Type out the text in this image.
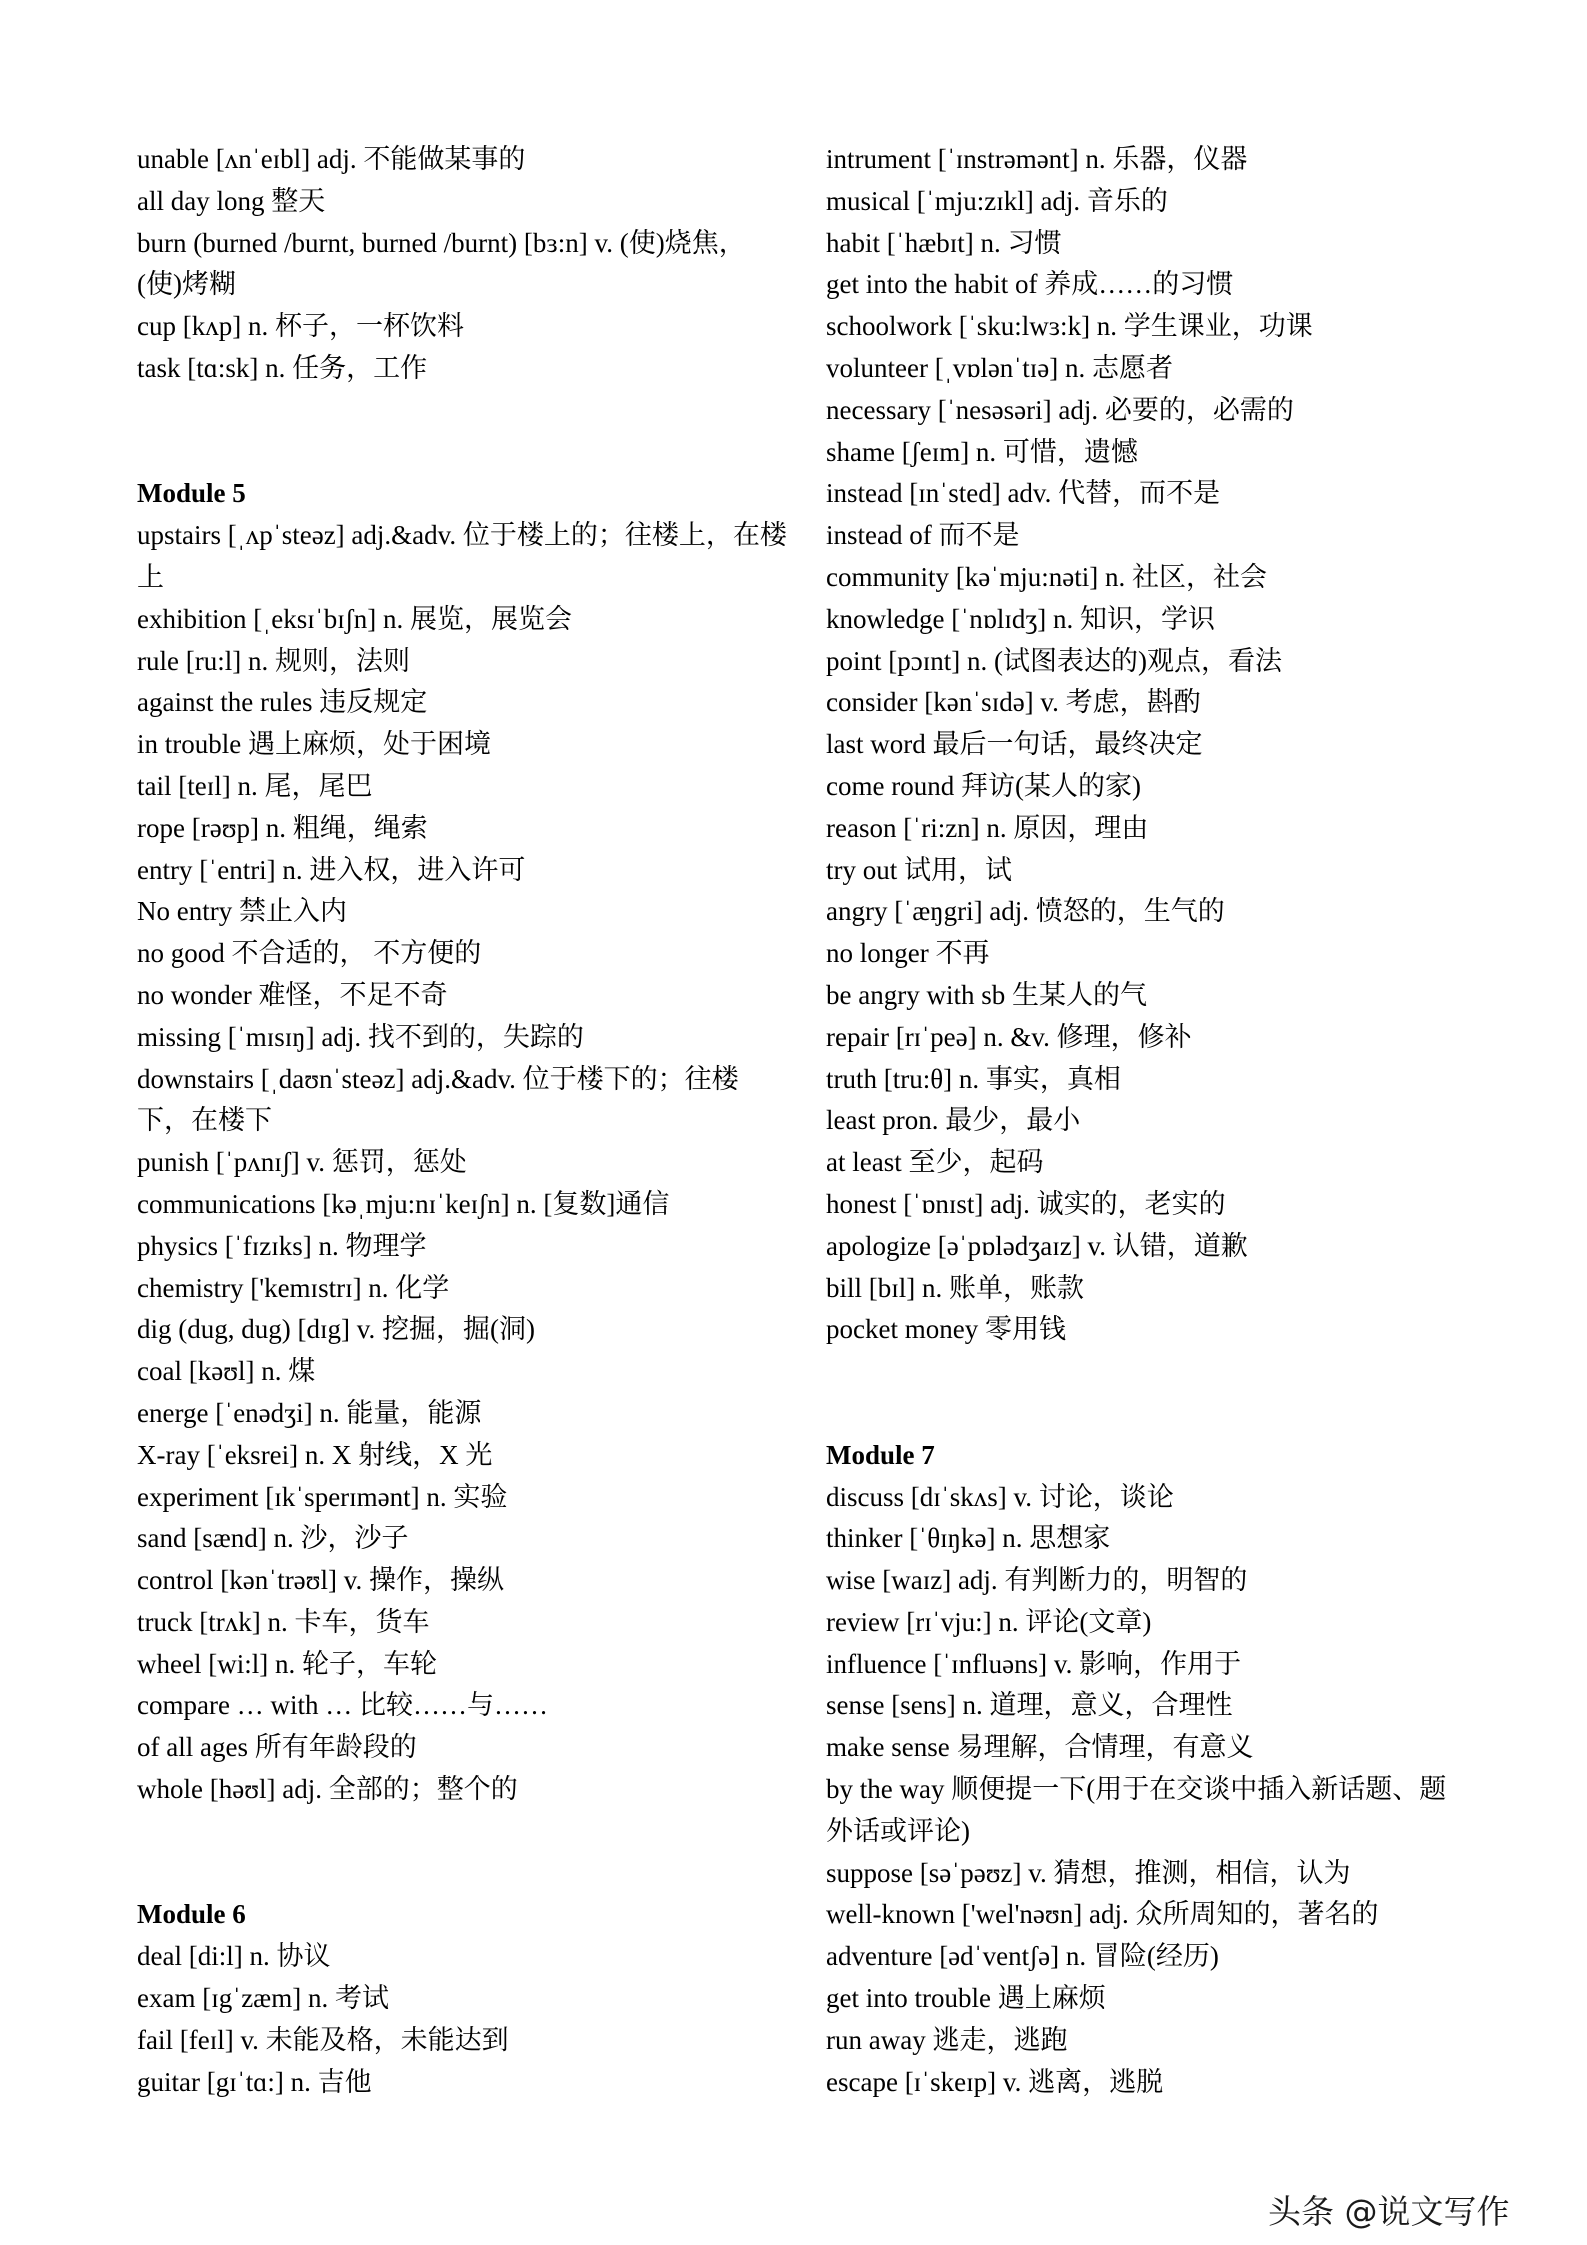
unable [ʌnˈeɪbl] adj. 不能做某事的
all day long 整天
burn (burned /burnt, burned /burnt) [bɜ:n] v. (使)烧焦，(使)烤糊
cup [kʌp] n. 杯子，一杯饮料
task [tɑ:sk] n. 任务，工作
Module 5
upstairs [ˌʌpˈsteəz] adj.&adv. 位于楼上的；往楼上，在楼上
exhibition [ˌeksɪˈbɪʃn] n. 展览，展览会
rule [ru:l] n. 规则，法则
against the rules 违反规定
in trouble 遇上麻烦，处于困境
tail [teɪl] n. 尾，尾巴
rope [rəʊp] n. 粗绳，绳索
entry [ˈentri] n. 进入权，进入许可
No entry 禁止入内
no good 不合适的， 不方便的
no wonder 难怪，不足不奇
missing [ˈmɪsɪŋ] adj. 找不到的，失踪的
downstairs [ˌdaʊnˈsteəz] adj.&adv. 位于楼下的；往楼下，在楼下
punish [ˈpʌnɪʃ] v. 惩罚，惩处
communications [kəˌmju:nɪˈkeɪʃn] n. [复数]通信
physics [ˈfɪzɪks] n. 物理学
chemistry ['kemɪstrɪ] n. 化学
dig (dug, dug) [dɪg] v. 挖掘，掘(洞)
coal [kəʊl] n. 煤
energe [ˈenədʒi] n. 能量，能源
X-ray [ˈeksrei] n. X 射线，X 光
experiment [ɪkˈsperɪmənt] n. 实验
sand [sænd] n. 沙，沙子
control [kənˈtrəʊl] v. 操作，操纵
truck [trʌk] n. 卡车，货车
wheel [wi:l] n. 轮子，车轮
compare … with … 比较……与……
of all ages 所有年龄段的
whole [həʊl] adj. 全部的；整个的
Module 6
deal [di:l] n. 协议
exam [ɪgˈzæm] n. 考试
fail [feɪl] v. 未能及格，未能达到
guitar [gɪˈtɑ:] n. 吉他
intrument [ˈɪnstrəmənt] n. 乐器，仪器
musical [ˈmju:zɪkl] adj. 音乐的
habit [ˈhæbɪt] n. 习惯
get into the habit of 养成……的习惯
schoolwork [ˈsku:lwɜ:k] n. 学生课业，功课
volunteer [ˌvɒlənˈtɪə] n. 志愿者
necessary [ˈnesəsəri] adj. 必要的，必需的
shame [ʃeɪm] n. 可惜，遗憾
instead [ɪnˈsted] adv. 代替，而不是
instead of 而不是
community [kəˈmju:nəti] n. 社区，社会
knowledge [ˈnɒlɪdʒ] n. 知识，学识
point [pɔɪnt] n. (试图表达的)观点，看法
consider [kənˈsɪdə] v. 考虑，斟酌
last word 最后一句话，最终决定
come round 拜访(某人的家)
reason [ˈri:zn] n. 原因，理由
try out 试用，试
angry [ˈæŋgri] adj. 愤怒的，生气的
no longer 不再
be angry with sb 生某人的气
repair [rɪˈpeə] n. &v. 修理，修补
truth [tru:θ] n. 事实，真相
least pron. 最少，最小
at least 至少，起码
honest [ˈɒnɪst] adj. 诚实的，老实的
apologize [əˈpɒlədʒaɪz] v. 认错，道歉
bill [bɪl] n. 账单，账款
pocket money 零用钱
Module 7
discuss [dɪˈskʌs] v. 讨论，谈论
thinker [ˈθɪŋkə] n. 思想家
wise [waɪz] adj. 有判断力的，明智的
review [rɪˈvju:] n. 评论(文章)
influence [ˈɪnfluəns] v. 影响，作用于
sense [sens] n. 道理，意义，合理性
make sense 易理解，合情理，有意义
by the way 顺便提一下(用于在交谈中插入新话题、题外话或评论)
suppose [səˈpəʊz] v. 猜想，推测，相信，认为
well-known ['wel'nəʊn] adj. 众所周知的，著名的
adventure [ədˈventʃə] n. 冒险(经历)
get into trouble 遇上麻烦
run away 逃走，逃跑
escape [ɪˈskeɪp] v. 逃离，逃脱
头条 @说文写作
